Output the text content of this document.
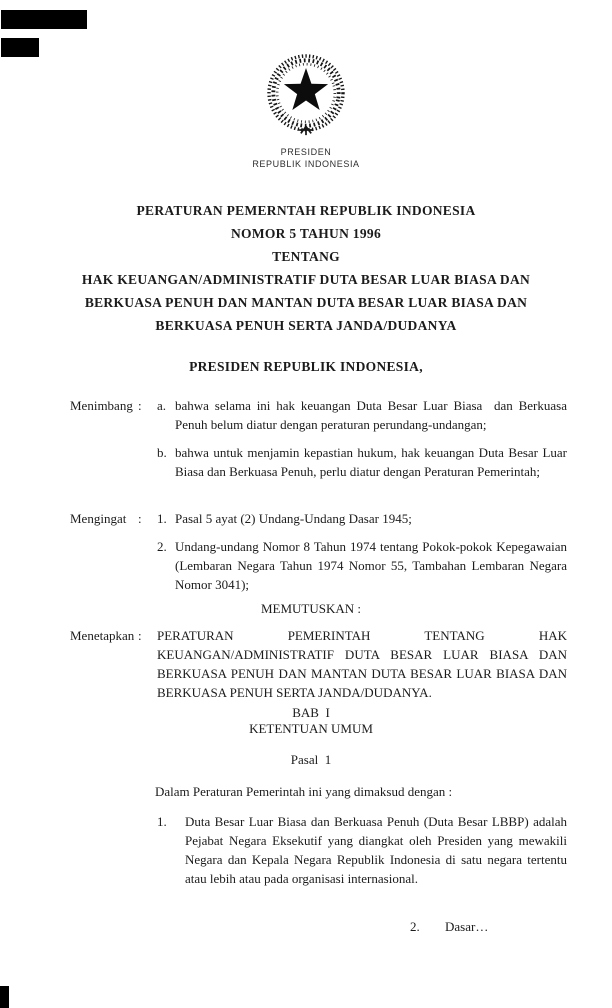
PRESIDEN
REPUBLIK INDONESIA
PERATURAN PEMERNTAH REPUBLIK INDONESIA
NOMOR 5 TAHUN 1996
TENTANG
HAK KEUANGAN/ADMINISTRATIF DUTA BESAR LUAR BIASA DAN
BERKUASA PENUH DAN MANTAN DUTA BESAR LUAR BIASA DAN
BERKUASA PENUH SERTA JANDA/DUDANYA
PRESIDEN REPUBLIK INDONESIA,
Menimbang : a. bahwa selama ini hak keuangan Duta Besar Luar Biasa  dan Berkuasa Penuh belum diatur dengan peraturan perundang-undangan;
b. bahwa untuk menjamin kepastian hukum, hak keuangan Duta Besar Luar Biasa dan Berkuasa Penuh, perlu diatur dengan Peraturan Pemerintah;
Mengingat : 1. Pasal 5 ayat (2) Undang-Undang Dasar 1945;
2. Undang-undang Nomor 8 Tahun 1974 tentang Pokok-pokok Kepegawaian (Lembaran Negara Tahun 1974 Nomor 55, Tambahan Lembaran Negara Nomor 3041);
MEMUTUSKAN :
Menetapkan : PERATURAN PEMERINTAH TENTANG HAK KEUANGAN/ADMINISTRATIF DUTA BESAR LUAR BIASA DAN BERKUASA PENUH DAN MANTAN DUTA BESAR LUAR BIASA DAN BERKUASA PENUH SERTA JANDA/DUDANYA.
BAB  I
KETENTUAN UMUM
Pasal  1
Dalam Peraturan Pemerintah ini yang dimaksud dengan :
1. Duta Besar Luar Biasa dan Berkuasa Penuh (Duta Besar LBBP) adalah Pejabat Negara Eksekutif yang diangkat oleh Presiden yang mewakili Negara dan Kepala Negara Republik Indonesia di satu negara tertentu atau lebih atau pada organisasi internasional.
2. Dasar…
